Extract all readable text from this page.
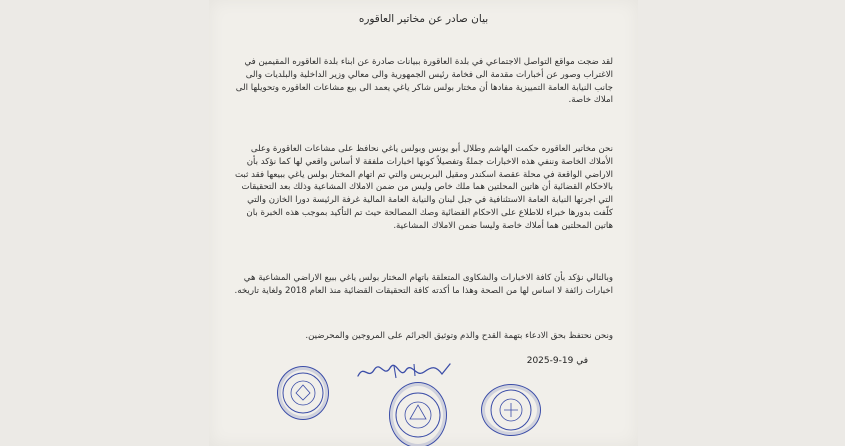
بيان صادر عن مخاتير العاقوره

لقد ضجت مواقع التواصل الاجتماعي في بلدة العاقورة ببيانات صادرة عن ابناء بلدة العاقوره المقيمين في الاغتراب وصور عن أخبارات مقدمة الى فخامة رئيس الجمهورية والى معالي وزير الداخلية والبلديات والى جانب النيابة العامة التمييزية مفادها أن مختار بولس شاكر ياغي يعمد الى بيع مشاعات العاقوره وتحويلها الى املاك خاصة.

نحن مخاتير العاقوره حكمت الهاشم وطلال أبو يونس وبولس ياغي نحافظ على مشاعات العاقورة وعلى الأملاك الخاصة وننفي هذه الاخبارات جملةً وتفصيلاً كونها اخبارات ملفقة لا أساس واقعي لها كما نؤكد بأن الاراضي الواقعة في محلة عقصة اسكندر ومقيل البربريس والتي تم اتهام المختار بولس ياغي ببيعها فقد ثبت بالاحكام القضائية أن هاتين المحلتين هما ملك خاص وليس من ضمن الاملاك المشاعية وذلك بعد التحقيقات التي اجرتها النيابة العامة الاستئنافية في جبل لبنان والنيابة العامة المالية غرفة الرئيسة دورا الخازن والتي كلّفت بدورها خبراء للاطلاع على الاحكام القضائية وصك المصالحة حيث تم التأكيد بموجب هذه الخبرة بان هاتين المحلتين هما أملاك خاصة وليسا ضمن الاملاك المشاعية.

وبالتالي نؤكد بأن كافة الاخبارات والشكاوى المتعلقة باتهام المختار بولس ياغي ببيع الاراضي المشاعية هي اخبارات زائفة لا اساس لها من الصحة وهذا ما أكدته كافة التحقيقات القضائية منذ العام 2018 ولغاية تاريخه.

ونحن نحتفظ بحق الادعاء بتهمة القدح والذم وتوثيق الجرائم على المروجين والمحرضين.

في 19-9-2025
